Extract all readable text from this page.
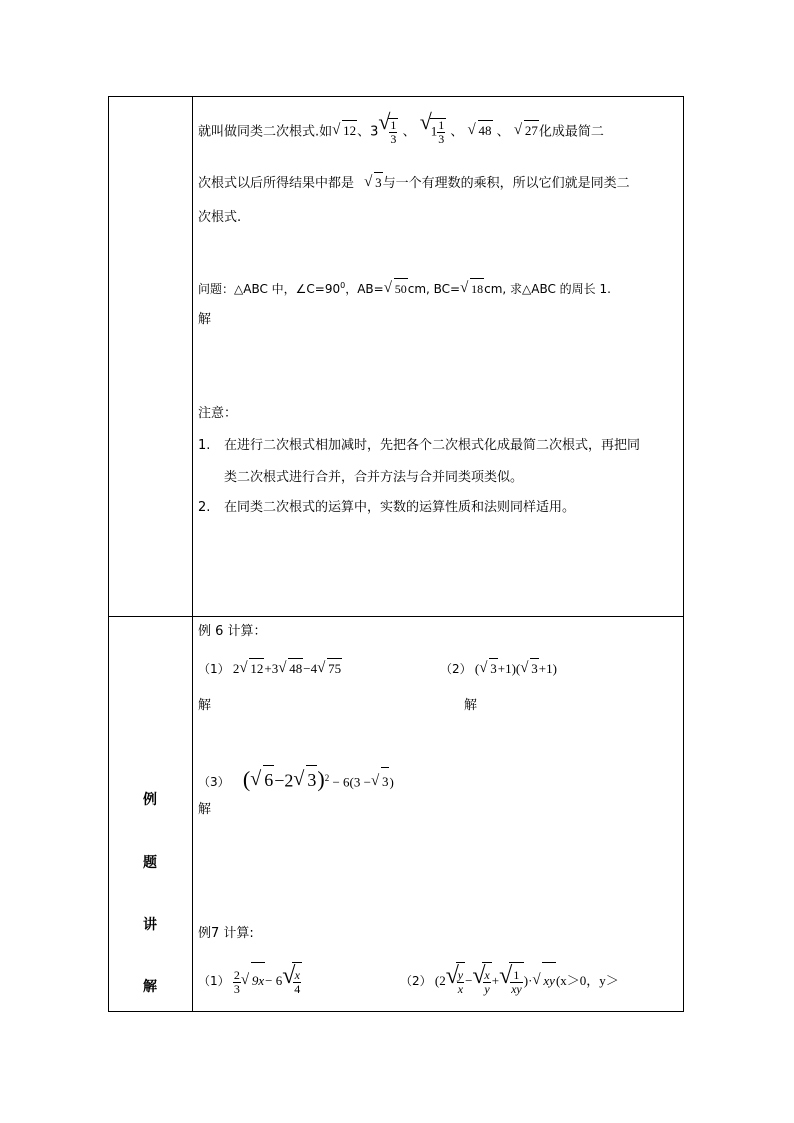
就叫做同类二次根式.如 √ 12、3 √
$\frac{1}{3}$ 、 √
$1 \frac{1}{3}$ 、 √ 48 、 √ 27化成最简二
次根式以后所得结果中都是 √ 3与一个有理数的乘积，所以它们就是同类二
次根式.
问题：△ABC 中，$\angle C=90^0$，AB= √ 50cm, BC= √ 18cm, 求△ABC 的周长 1.
解
注意：
1. 在进行二次根式相加减时，先把各个二次根式化成最简二次根式，再把同
类二次根式进行合并，合并方法与合并同类项类似。
2. 在同类二次根式的运算中，实数的运算性质和法则同样适用。
例
题
讲
解
例 6 计算：
（1） 2 √ 12+3 √ 48−4 √ 75	（2） ( √ 3+1)( √ 3+1)
解	解
（3） ( √ 6−2 √ 3)$^2$ − 6(3 − √ 3)
解
例7 计算:
$(1) \frac{2}{3}$ √ 9x− 6 √
$\frac{x}{4}$	（2） (2 √
$\frac{y}{x}$ − √
$\frac{x}{y}$ + √
$\frac{1}{xy}$ )· √ xy(x＞0，y＞
